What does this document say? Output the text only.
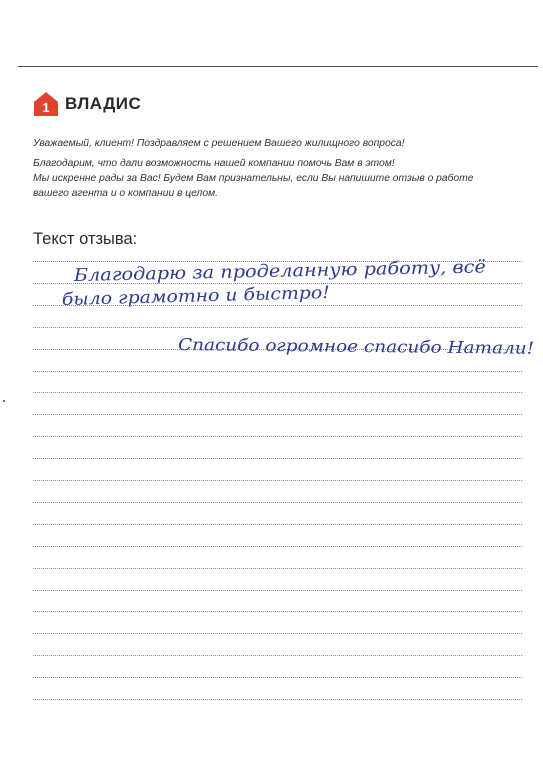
1 ВЛАДИС

Уважаемый, клиент! Поздравляем с решением Вашего жилищного вопроса!

Благодарим, что дали возможность нашей компании помочь Вам в этом!

Мы искренне рады за Вас! Будем Вам признательны, если Вы напишите отзыв о работе

вашего агента и о компании в целом.

Текст отзыва:
Благодарю за проделанную работу, всё
было грамотно и быстро!
Спасибо огромное спасибо Натали!
